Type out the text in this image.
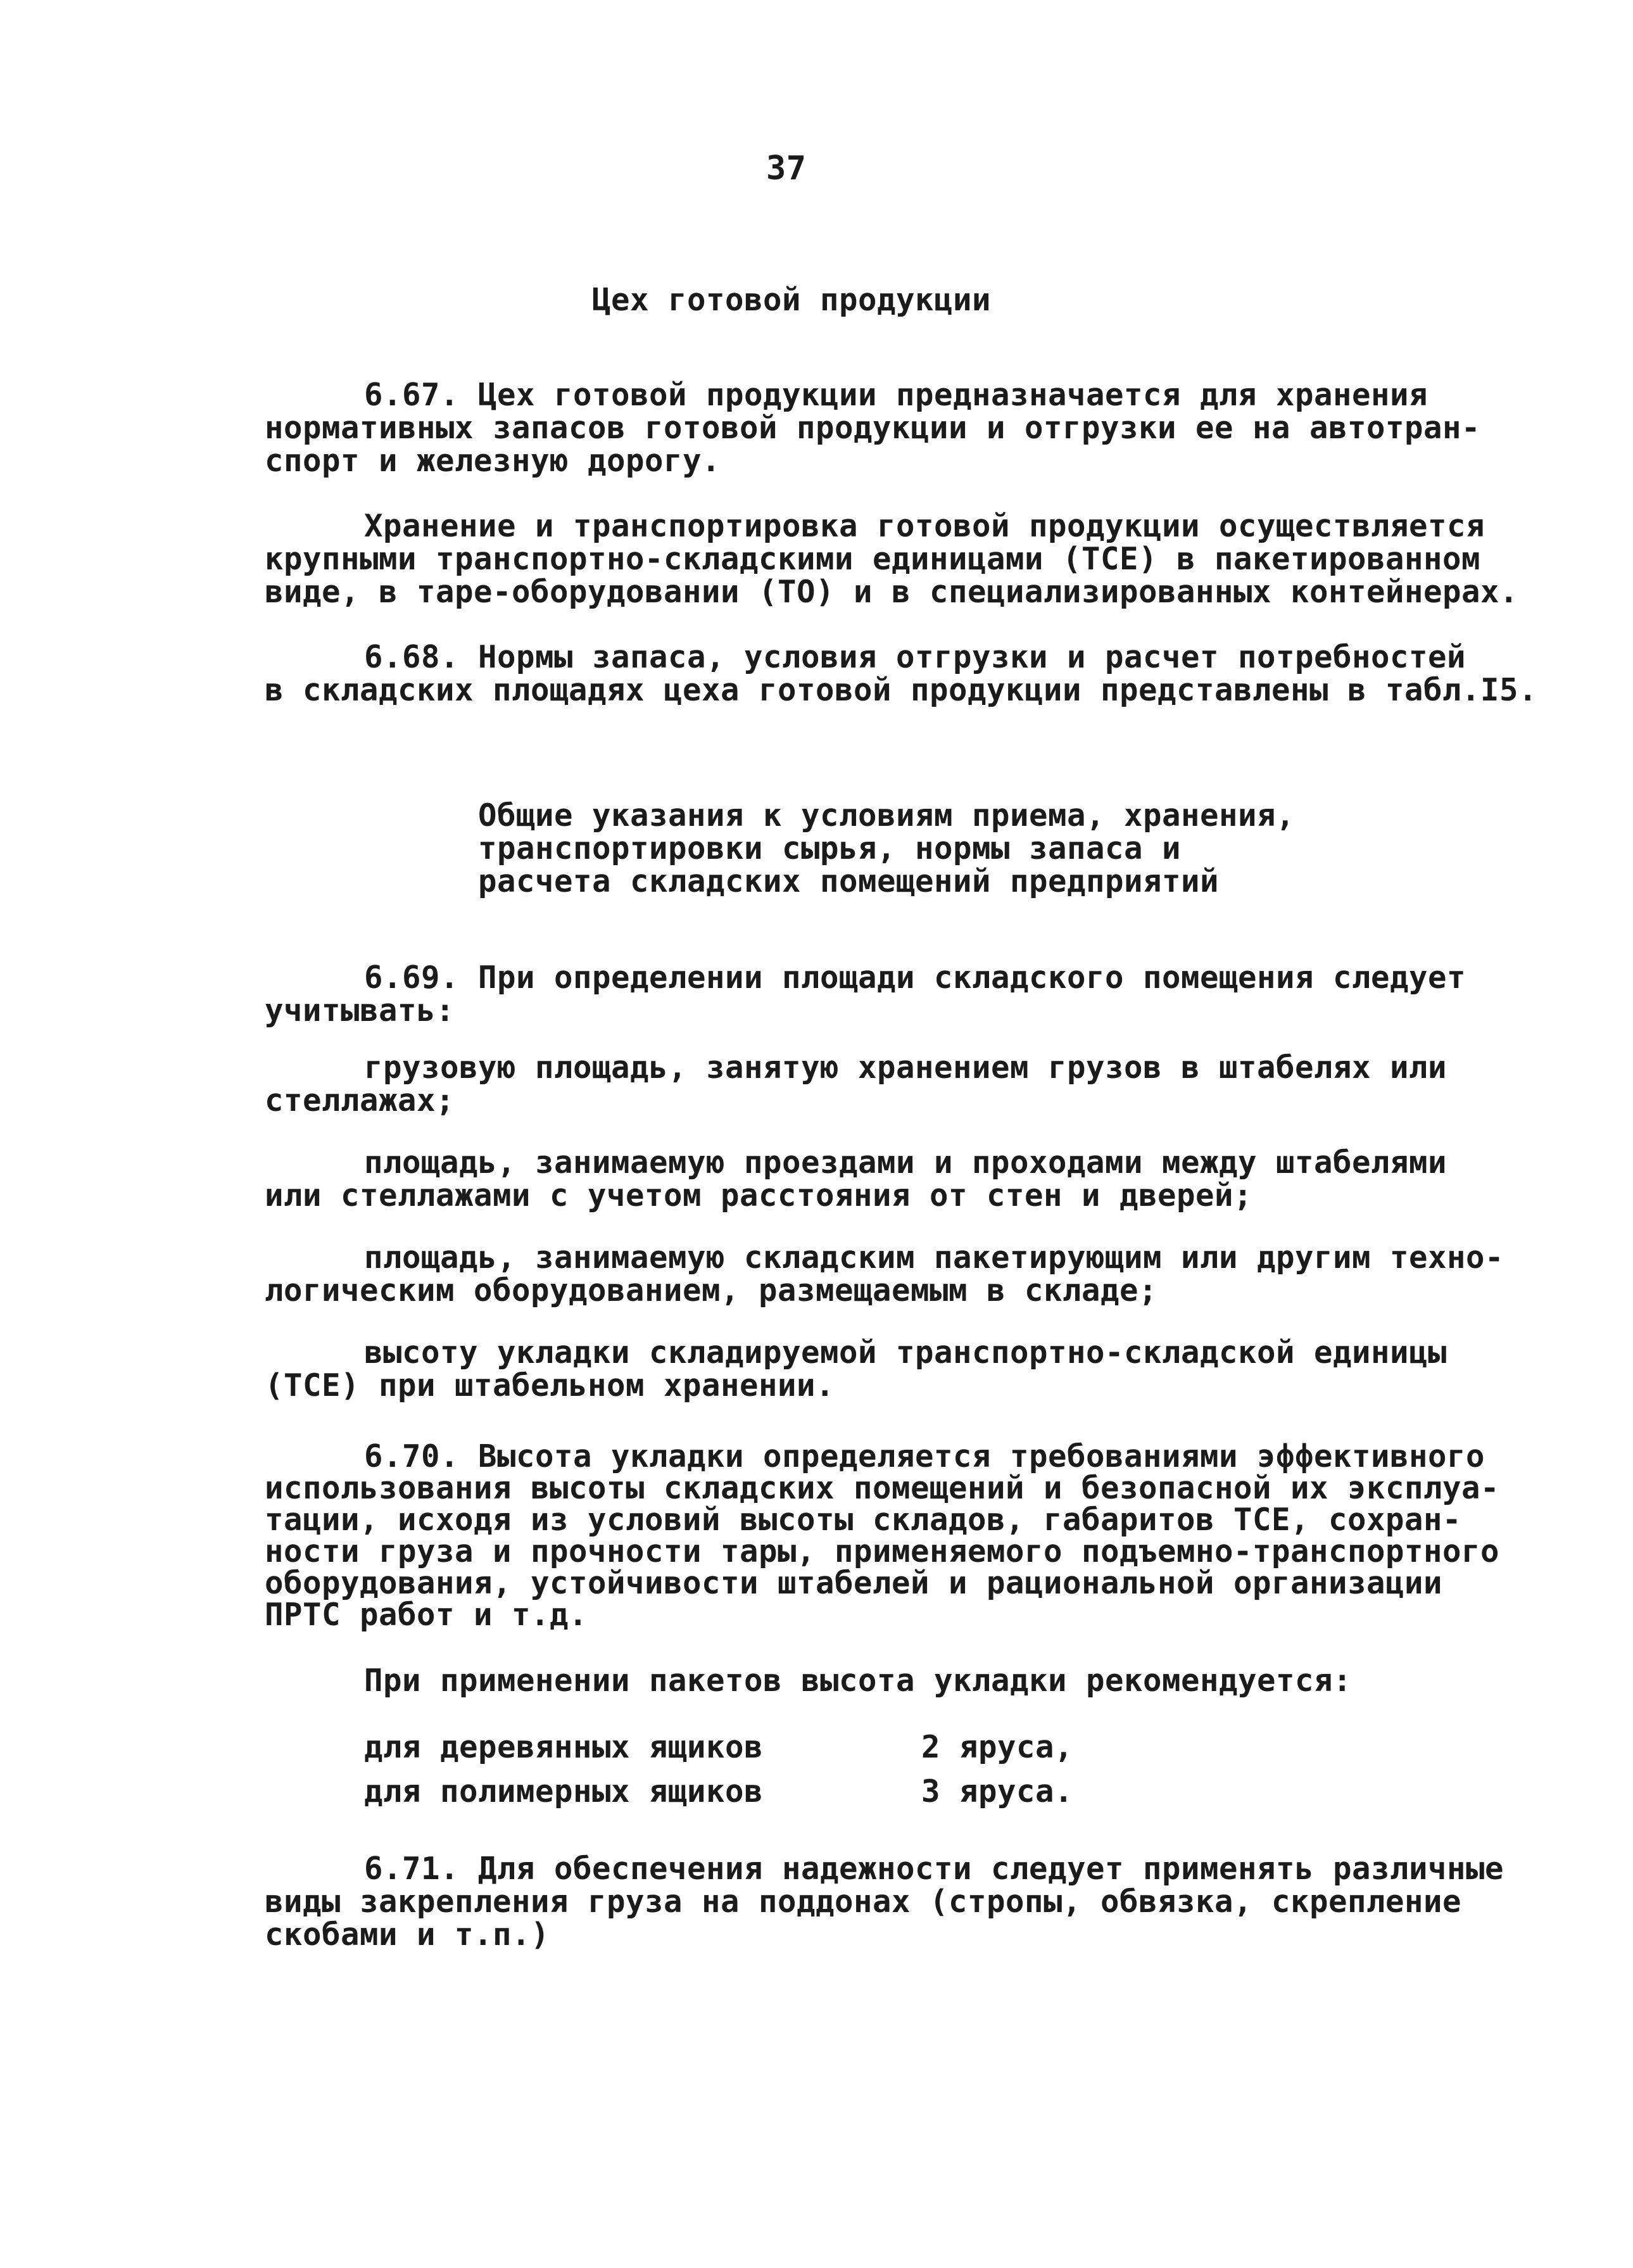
37

Цех готовой продукции

6.67. Цех готовой продукции предназначается для хранения

нормативных запасов готовой продукции и отгрузки ее на автотран-

спорт и железную дорогу.

Хранение и транспортировка готовой продукции осуществляется

крупными транспортно-складскими единицами (ТСЕ) в пакетированном

виде, в таре-оборудовании (ТО) и в специализированных контейнерах.

6.68. Нормы запаса, условия отгрузки и расчет потребностей

в складских площадях цеха готовой продукции представлены в табл.I5.

Общие указания к условиям приема, хранения,

транспортировки сырья, нормы запаса и

расчета складских помещений предприятий

6.69. При определении площади складского помещения следует

учитывать:

грузовую площадь, занятую хранением грузов в штабелях или

стеллажах;

площадь, занимаемую проездами и проходами между штабелями

или стеллажами с учетом расстояния от стен и дверей;

площадь, занимаемую складским пакетирующим или другим техно-

логическим оборудованием, размещаемым в складе;

высоту укладки складируемой транспортно-складской единицы

(ТСЕ) при штабельном хранении.

6.70. Высота укладки определяется требованиями эффективного

использования высоты складских помещений и безопасной их эксплуа-

тации, исходя из условий высоты складов, габаритов ТСЕ, сохран-

ности груза и прочности тары, применяемого подъемно-транспортного

оборудования, устойчивости штабелей и рациональной организации

ПРТС работ и т.д.

При применении пакетов высота укладки рекомендуется:

для деревянных ящиков	2 яруса,

для полимерных ящиков	3 яруса.

6.71. Для обеспечения надежности следует применять различные

виды закрепления груза на поддонах (стропы, обвязка, скрепление

скобами и т.п.)
